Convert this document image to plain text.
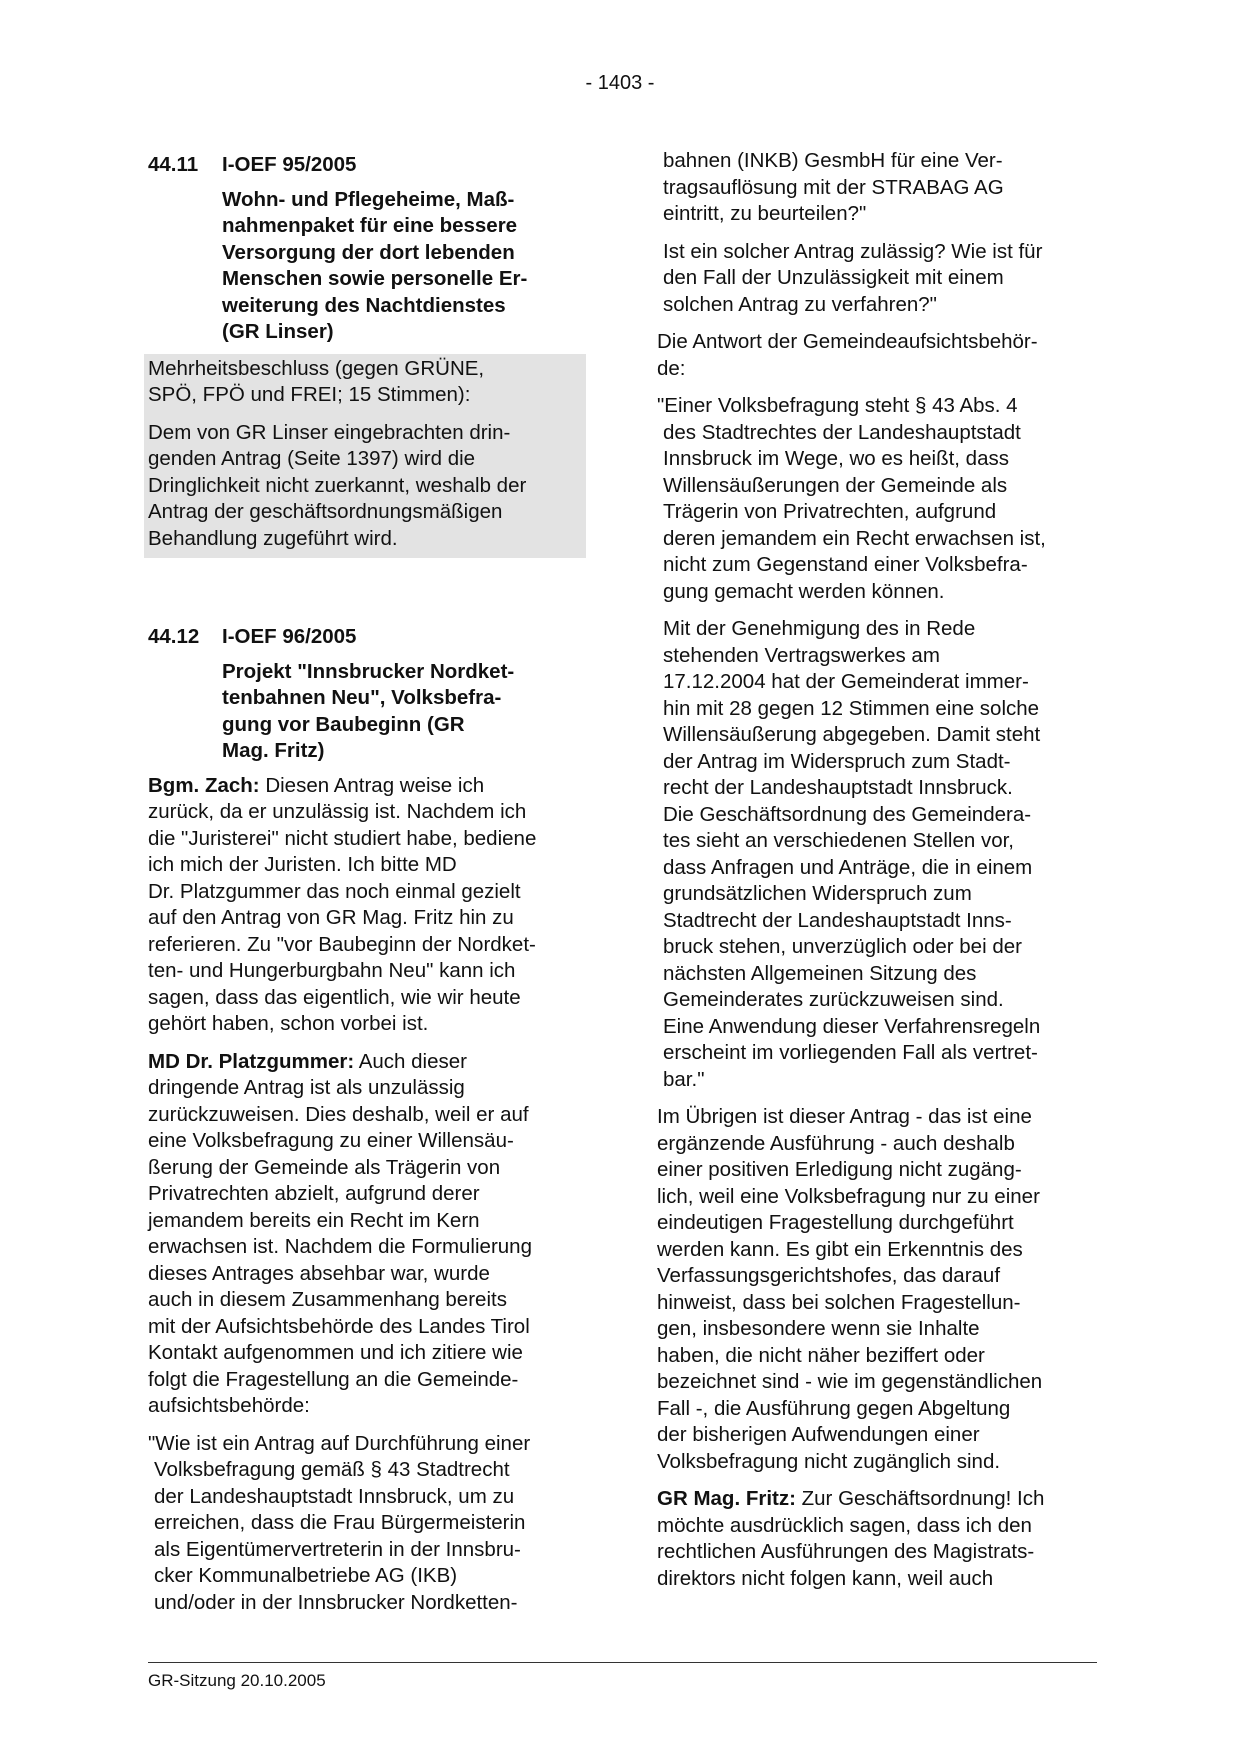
- 1403 -
44.11 I-OEF 95/2005
Wohn- und Pflegeheime, Maß-
nahmenpaket für eine bessere
Versorgung der dort lebenden
Menschen sowie personelle Er-
weiterung des Nachtdienstes
(GR Linser)

Mehrheitsbeschluss (gegen GRÜNE,
SPÖ, FPÖ und FREI; 15 Stimmen):

Dem von GR Linser eingebrachten drin-
genden Antrag (Seite 1397) wird die
Dringlichkeit nicht zuerkannt, weshalb der
Antrag der geschäftsordnungsmäßigen
Behandlung zugeführt wird.

44.12 I-OEF 96/2005
Projekt "Innsbrucker Nordket-
tenbahnen Neu", Volksbefra-
gung vor Baubeginn (GR
Mag. Fritz)

Bgm. Zach: Diesen Antrag weise ich
zurück, da er unzulässig ist. Nachdem ich
die "Juristerei" nicht studiert habe, bediene
ich mich der Juristen. Ich bitte MD
Dr. Platzgummer das noch einmal gezielt
auf den Antrag von GR Mag. Fritz hin zu
referieren. Zu "vor Baubeginn der Nordket-
ten- und Hungerburgbahn Neu" kann ich
sagen, dass das eigentlich, wie wir heute
gehört haben, schon vorbei ist.

MD Dr. Platzgummer: Auch dieser
dringende Antrag ist als unzulässig
zurückzuweisen. Dies deshalb, weil er auf
eine Volksbefragung zu einer Willensäu-
ßerung der Gemeinde als Trägerin von
Privatrechten abzielt, aufgrund derer
jemandem bereits ein Recht im Kern
erwachsen ist. Nachdem die Formulierung
dieses Antrages absehbar war, wurde
auch in diesem Zusammenhang bereits
mit der Aufsichtsbehörde des Landes Tirol
Kontakt aufgenommen und ich zitiere wie
folgt die Fragestellung an die Gemeinde-
aufsichtsbehörde:

"Wie ist ein Antrag auf Durchführung einer

Volksbefragung gemäß § 43 Stadtrecht
der Landeshauptstadt Innsbruck, um zu
erreichen, dass die Frau Bürgermeisterin
als Eigentümervertreterin in der Innsbru-
cker Kommunalbetriebe AG (IKB)
und/oder in der Innsbrucker Nordketten-

bahnen (INKB) GesmbH für eine Ver-
tragsauflösung mit der STRABAG AG
eintritt, zu beurteilen?"

Ist ein solcher Antrag zulässig? Wie ist für
den Fall der Unzulässigkeit mit einem
solchen Antrag zu verfahren?"

Die Antwort der Gemeindeaufsichtsbehör-
de:

"Einer Volksbefragung steht § 43 Abs. 4

des Stadtrechtes der Landeshauptstadt
Innsbruck im Wege, wo es heißt, dass
Willensäußerungen der Gemeinde als
Trägerin von Privatrechten, aufgrund
deren jemandem ein Recht erwachsen ist,
nicht zum Gegenstand einer Volksbefra-
gung gemacht werden können.

Mit der Genehmigung des in Rede
stehenden Vertragswerkes am
17.12.2004 hat der Gemeinderat immer-
hin mit 28 gegen 12 Stimmen eine solche
Willensäußerung abgegeben. Damit steht
der Antrag im Widerspruch zum Stadt-
recht der Landeshauptstadt Innsbruck.
Die Geschäftsordnung des Gemeindera-
tes sieht an verschiedenen Stellen vor,
dass Anfragen und Anträge, die in einem
grundsätzlichen Widerspruch zum
Stadtrecht der Landeshauptstadt Inns-
bruck stehen, unverzüglich oder bei der
nächsten Allgemeinen Sitzung des
Gemeinderates zurückzuweisen sind.
Eine Anwendung dieser Verfahrensregeln
erscheint im vorliegenden Fall als vertret-
bar."

Im Übrigen ist dieser Antrag - das ist eine
ergänzende Ausführung - auch deshalb
einer positiven Erledigung nicht zugäng-
lich, weil eine Volksbefragung nur zu einer
eindeutigen Fragestellung durchgeführt
werden kann. Es gibt ein Erkenntnis des
Verfassungsgerichtshofes, das darauf
hinweist, dass bei solchen Fragestellun-
gen, insbesondere wenn sie Inhalte
haben, die nicht näher beziffert oder
bezeichnet sind - wie im gegenständlichen
Fall -, die Ausführung gegen Abgeltung
der bisherigen Aufwendungen einer
Volksbefragung nicht zugänglich sind.

GR Mag. Fritz: Zur Geschäftsordnung! Ich
möchte ausdrücklich sagen, dass ich den
rechtlichen Ausführungen des Magistrats-
direktors nicht folgen kann, weil auch

GR-Sitzung 20.10.2005
